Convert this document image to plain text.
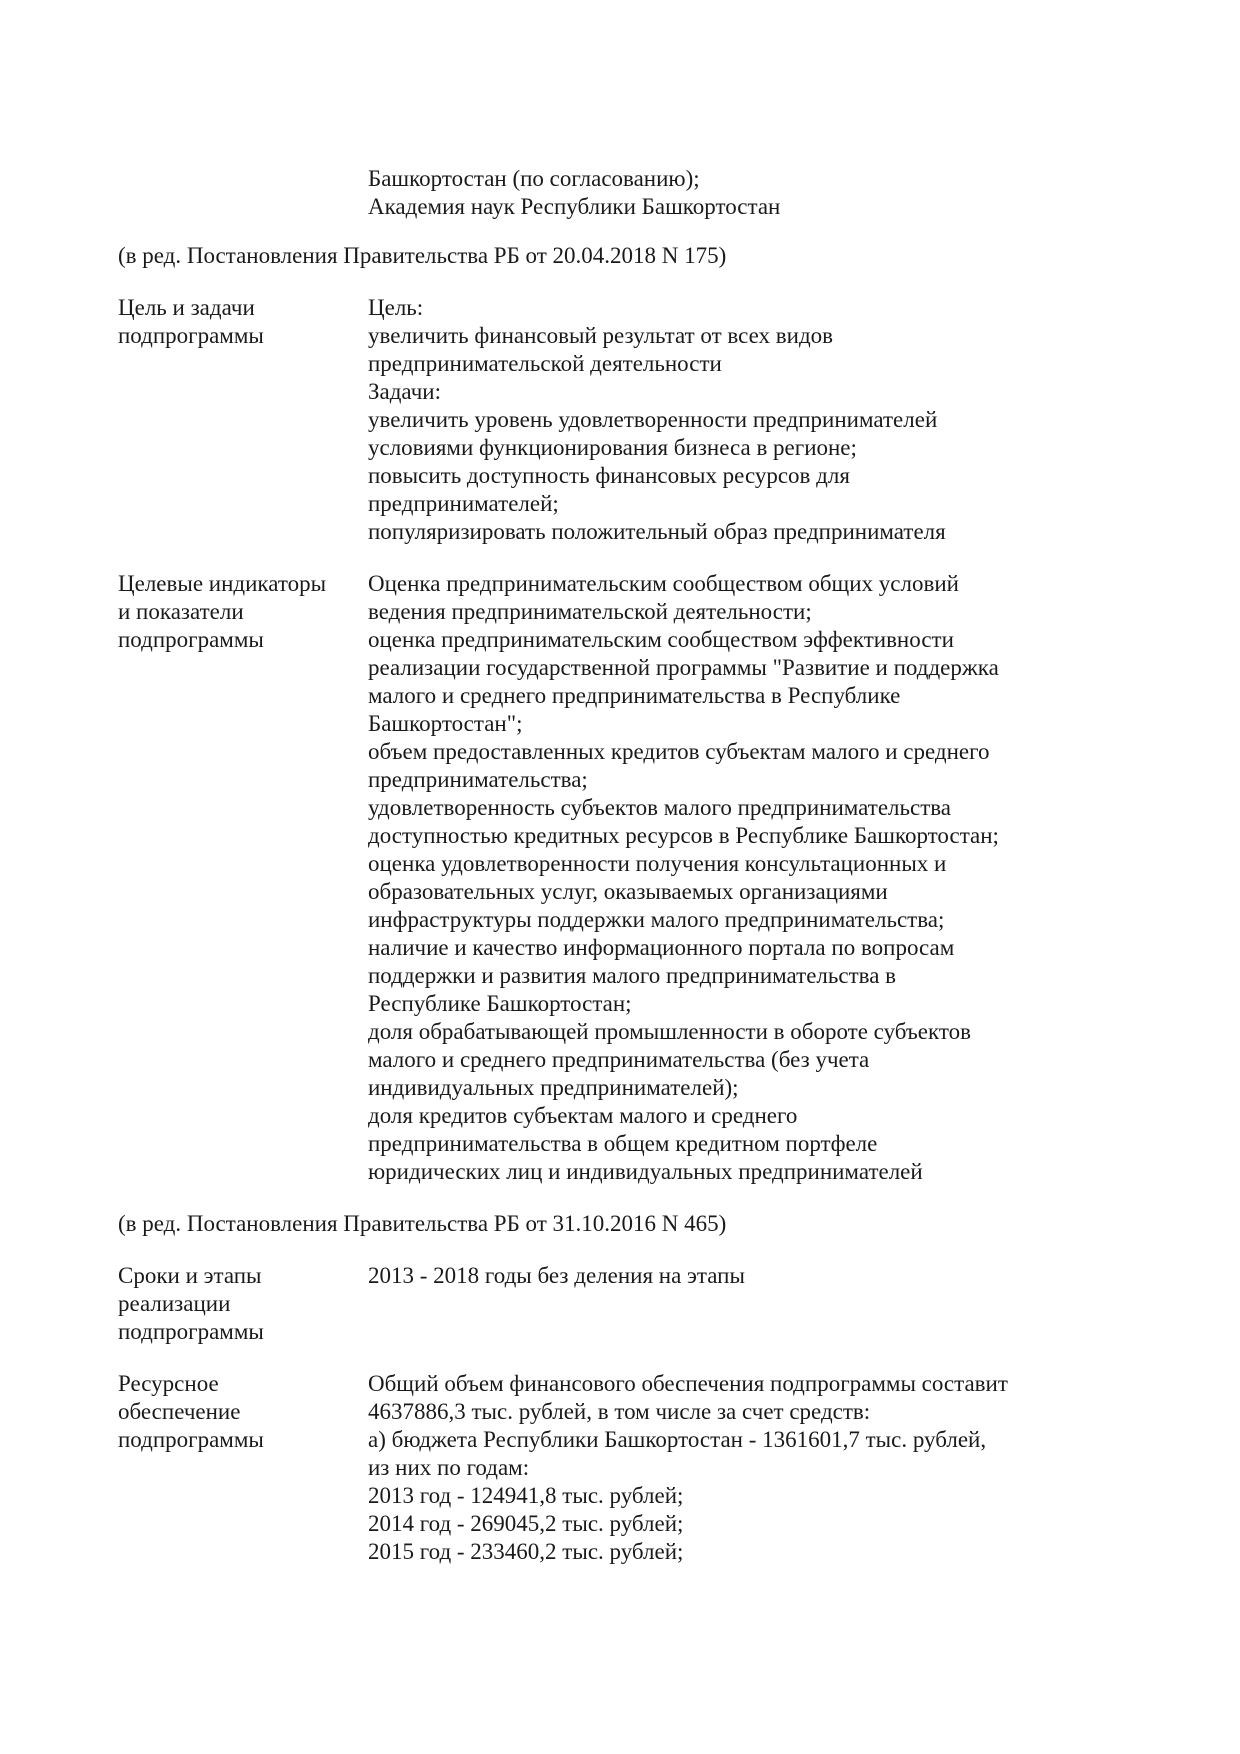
Башкортостан (по согласованию);
Академия наук Республики Башкортостан
(в ред. Постановления Правительства РБ от 20.04.2018 N 175)
Цель и задачи
подпрограммы
Цель:
увеличить финансовый результат от всех видов
предпринимательской деятельности
Задачи:
увеличить уровень удовлетворенности предпринимателей
условиями функционирования бизнеса в регионе;
повысить доступность финансовых ресурсов для
предпринимателей;
популяризировать положительный образ предпринимателя
Целевые индикаторы
и показатели
подпрограммы
Оценка предпринимательским сообществом общих условий
ведения предпринимательской деятельности;
оценка предпринимательским сообществом эффективности
реализации государственной программы "Развитие и поддержка
малого и среднего предпринимательства в Республике
Башкортостан";
объем предоставленных кредитов субъектам малого и среднего
предпринимательства;
удовлетворенность субъектов малого предпринимательства
доступностью кредитных ресурсов в Республике Башкортостан;
оценка удовлетворенности получения консультационных и
образовательных услуг, оказываемых организациями
инфраструктуры поддержки малого предпринимательства;
наличие и качество информационного портала по вопросам
поддержки и развития малого предпринимательства в
Республике Башкортостан;
доля обрабатывающей промышленности в обороте субъектов
малого и среднего предпринимательства (без учета
индивидуальных предпринимателей);
доля кредитов субъектам малого и среднего
предпринимательства в общем кредитном портфеле
юридических лиц и индивидуальных предпринимателей
(в ред. Постановления Правительства РБ от 31.10.2016 N 465)
Сроки и этапы
реализации
подпрограммы
2013 - 2018 годы без деления на этапы
Ресурсное
обеспечение
подпрограммы
Общий объем финансового обеспечения подпрограммы составит
4637886,3 тыс. рублей, в том числе за счет средств:
а) бюджета Республики Башкортостан - 1361601,7 тыс. рублей,
из них по годам:
2013 год - 124941,8 тыс. рублей;
2014 год - 269045,2 тыс. рублей;
2015 год - 233460,2 тыс. рублей;
